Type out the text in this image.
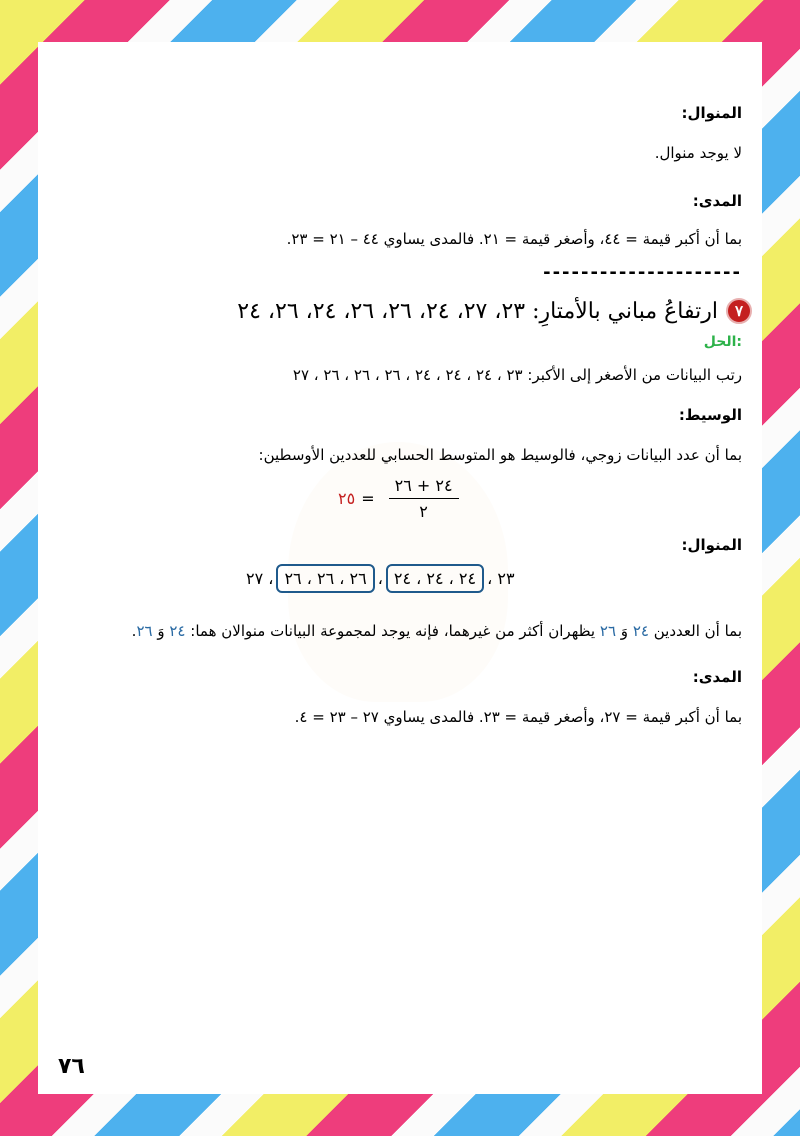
المنوال:
لا يوجد منوال.
المدى:
بما أن أكبر قيمة = ٤٤، وأصغر قيمة = ٢١. فالمدى يساوي ٤٤ – ٢١ = ٢٣.
---------------------
٧
ارتفاعُ مباني بالأمتارِ: ٢٣، ٢٧، ٢٤، ٢٦، ٢٦، ٢٤، ٢٦، ٢٤
الحل:
رتب البيانات من الأصغر إلى الأكبر: ٢٣ ، ٢٤ ، ٢٤ ، ٢٤ ، ٢٦ ، ٢٦ ، ٢٦ ، ٢٧
الوسيط:
بما أن عدد البيانات زوجي، فالوسيط هو المتوسط الحسابي للعددين الأوسطين:
٢٥ = $\frac{٢٤ + ٢٦}{٢}$
المنوال:
٢٣ ،
٢٤ ، ٢٤ ، ٢٤
،
٢٦ ، ٢٦ ، ٢٦
، ٢٧
بما أن العددين ٢٤ وَ ٢٦ يظهران أكثر من غيرهما، فإنه يوجد لمجموعة البيانات منوالان هما: ٢٤ وَ ٢٦.
المدى:
بما أن أكبر قيمة = ٢٧، وأصغر قيمة = ٢٣. فالمدى يساوي ٢٧ – ٢٣ = ٤.
٧٦
